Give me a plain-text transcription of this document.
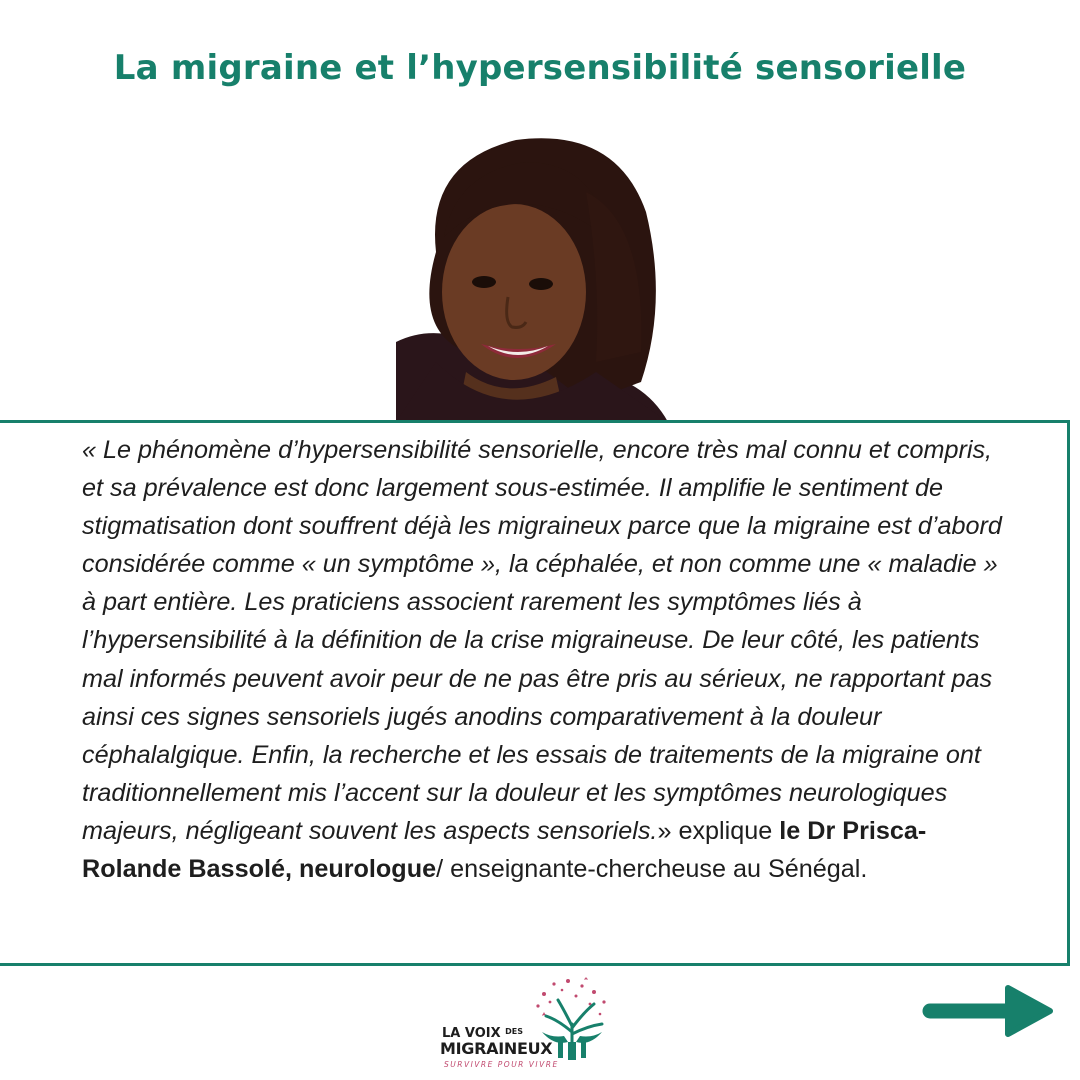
La migraine et l’hypersensibilité sensorielle

« Le phénomène d’hypersensibilité sensorielle, encore très mal connu et compris, et sa prévalence est donc largement sous-estimée. Il amplifie le sentiment de stigmatisation dont souffrent déjà les migraineux parce que la migraine est d’abord considérée comme « un symptôme », la céphalée, et non comme une « maladie » à part entière. Les praticiens associent rarement les symptômes liés à l’hypersensibilité à la définition de la crise migraineuse. De leur côté, les patients mal informés peuvent avoir peur de ne pas être pris au sérieux, ne rapportant pas ainsi ces signes sensoriels jugés anodins comparativement à la douleur céphalalgique. Enfin, la recherche et les essais de traitements de la migraine ont traditionnellement mis l’accent sur la douleur et les symptômes neurologiques majeurs, négligeant souvent les aspects sensoriels.» explique le Dr Prisca-Rolande Bassolé, neurologue/ enseignante-chercheuse au Sénégal.

LA VOIX $^{DES}$
MIGRAINEUX
SURVIVRE POUR VIVRE
